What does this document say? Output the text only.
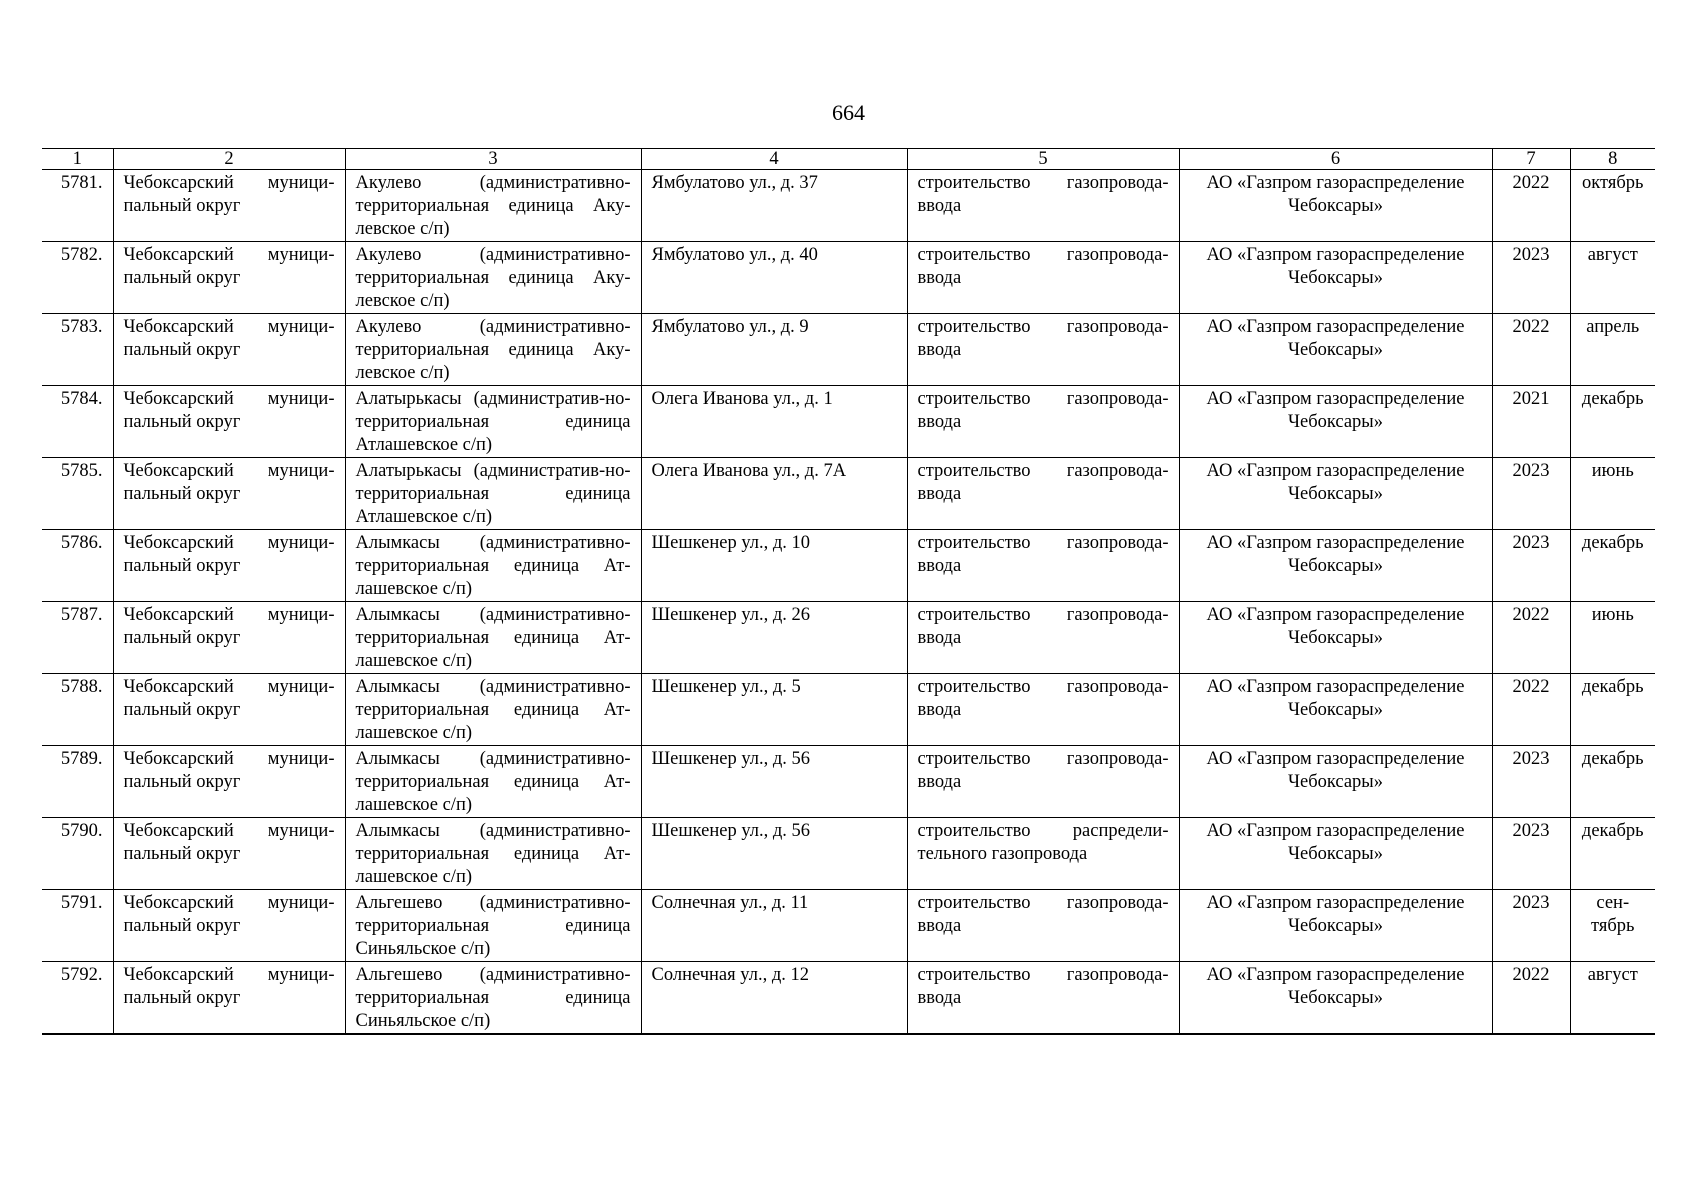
664
1	2	3	4	5	6	7	8
5781.	Чебоксарский муници-пальный округ	Акулево (административно-территориальная единица Аку-левское с/п)	Ямбулатово ул., д. 37	строительство газопровода-ввода	АО «Газпром газораспределение Чебоксары»	2022	октябрь
5782.	Чебоксарский муници-пальный округ	Акулево (административно-территориальная единица Аку-левское с/п)	Ямбулатово ул., д. 40	строительство газопровода-ввода	АО «Газпром газораспределение Чебоксары»	2023	август
5783.	Чебоксарский муници-пальный округ	Акулево (административно-территориальная единица Аку-левское с/п)	Ямбулатово ул., д. 9	строительство газопровода-ввода	АО «Газпром газораспределение Чебоксары»	2022	апрель
5784.	Чебоксарский муници-пальный округ	Алатырькасы (административ-но-территориальная единица Атлашевское с/п)	Олега Иванова ул., д. 1	строительство газопровода-ввода	АО «Газпром газораспределение Чебоксары»	2021	декабрь
5785.	Чебоксарский муници-пальный округ	Алатырькасы (административ-но-территориальная единица Атлашевское с/п)	Олега Иванова ул., д. 7А	строительство газопровода-ввода	АО «Газпром газораспределение Чебоксары»	2023	июнь
5786.	Чебоксарский муници-пальный округ	Алымкасы (административно-территориальная единица Ат-лашевское с/п)	Шешкенер ул., д. 10	строительство газопровода-ввода	АО «Газпром газораспределение Чебоксары»	2023	декабрь
5787.	Чебоксарский муници-пальный округ	Алымкасы (административно-территориальная единица Ат-лашевское с/п)	Шешкенер ул., д. 26	строительство газопровода-ввода	АО «Газпром газораспределение Чебоксары»	2022	июнь
5788.	Чебоксарский муници-пальный округ	Алымкасы (административно-территориальная единица Ат-лашевское с/п)	Шешкенер ул., д. 5	строительство газопровода-ввода	АО «Газпром газораспределение Чебоксары»	2022	декабрь
5789.	Чебоксарский муници-пальный округ	Алымкасы (административно-территориальная единица Ат-лашевское с/п)	Шешкенер ул., д. 56	строительство газопровода-ввода	АО «Газпром газораспределение Чебоксары»	2023	декабрь
5790.	Чебоксарский муници-пальный округ	Алымкасы (административно-территориальная единица Ат-лашевское с/п)	Шешкенер ул., д. 56	строительство распредели-тельного газопровода	АО «Газпром газораспределение Чебоксары»	2023	декабрь
5791.	Чебоксарский муници-пальный округ	Альгешево (административно-территориальная единица Синьяльское с/п)	Солнечная ул., д. 11	строительство газопровода-ввода	АО «Газпром газораспределение Чебоксары»	2023	сен-тябрь
5792.	Чебоксарский муници-пальный округ	Альгешево (административно-территориальная единица Синьяльское с/п)	Солнечная ул., д. 12	строительство газопровода-ввода	АО «Газпром газораспределение Чебоксары»	2022	август
